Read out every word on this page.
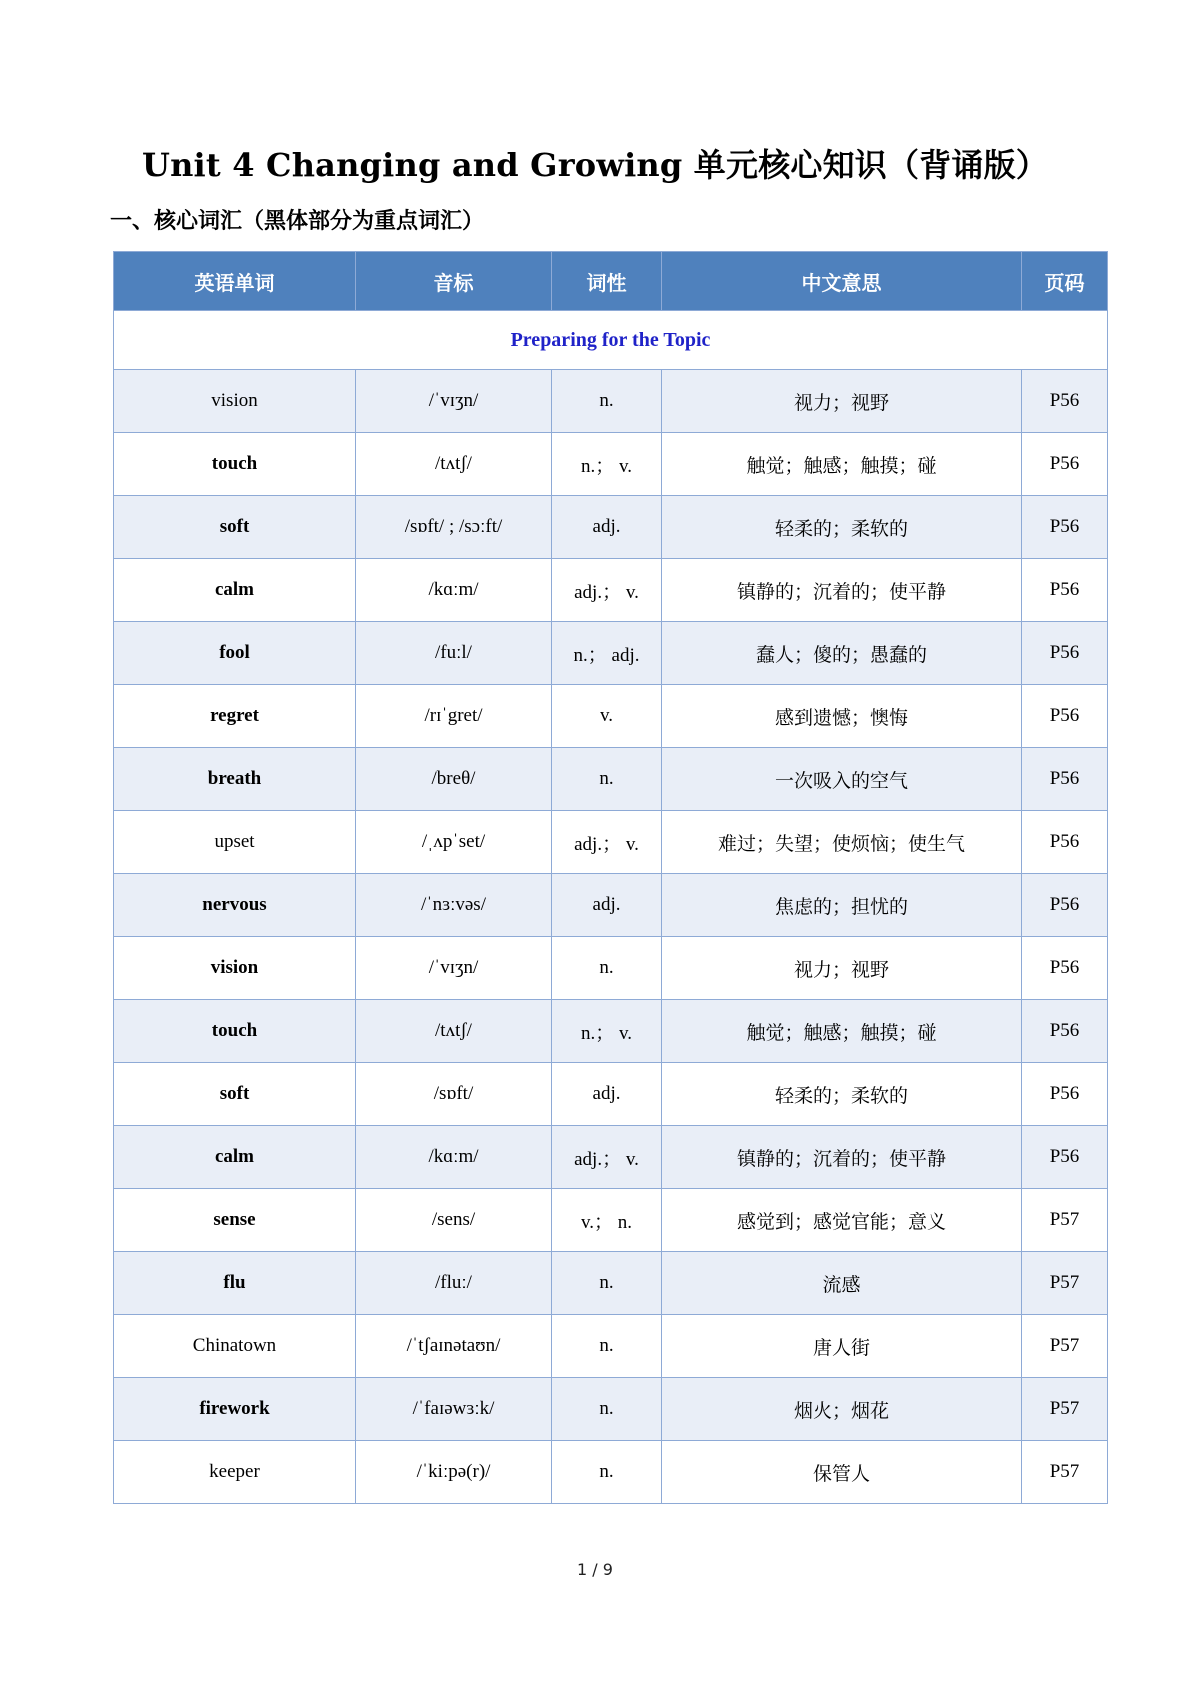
Unit 4 Changing and Growing 单元核心知识（背诵版）
一、核心词汇（黑体部分为重点词汇）
英语单词	音标	词性	中文意思	页码
Preparing for the Topic				
vision	/ˈvɪʒn/	n.	视力；视野	P56
touch	/tʌtʃ/	n.； v.	触觉；触感；触摸；碰	P56
soft	/sɒft/ ; /sɔːft/	adj.	轻柔的；柔软的	P56
calm	/kɑːm/	adj.； v.	镇静的；沉着的；使平静	P56
fool	/fuːl/	n.； adj.	蠢人；傻的；愚蠢的	P56
regret	/rɪˈgret/	v.	感到遗憾；懊悔	P56
breath	/breθ/	n.	一次吸入的空气	P56
upset	/ˌʌpˈset/	adj.； v.	难过；失望；使烦恼；使生气	P56
nervous	/ˈnɜːvəs/	adj.	焦虑的；担忧的	P56
vision	/ˈvɪʒn/	n.	视力；视野	P56
touch	/tʌtʃ/	n.； v.	触觉；触感；触摸；碰	P56
soft	/sɒft/	adj.	轻柔的；柔软的	P56
calm	/kɑːm/	adj.； v.	镇静的；沉着的；使平静	P56
sense	/sens/	v.； n.	感觉到；感觉官能；意义	P57
flu	/fluː/	n.	流感	P57
Chinatown	/ˈtʃaɪnətaʊn/	n.	唐人街	P57
firework	/ˈfaɪəwɜːk/	n.	烟火；烟花	P57
keeper	/ˈkiːpə(r)/	n.	保管人	P57
1 / 9
